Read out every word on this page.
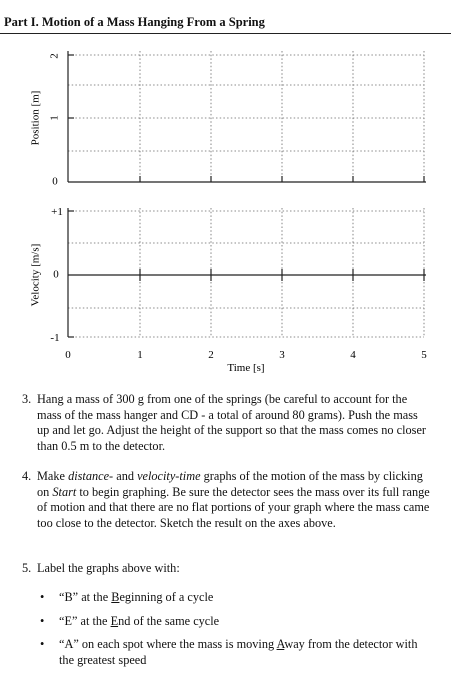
Part I. Motion of a Mass Hanging From a Spring
2
1
0
Position [m]
+1
0
-1
Velocity [m/s]
0	1	2	3	4	5
Time [s]
3. Hang a mass of 300 g from one of the springs (be careful to account for the mass of the mass hanger and CD - a total of around 80 grams). Push the mass up and let go. Adjust the height of the support so that the mass comes no closer than 0.5 m to the detector.
4. Make distance- and velocity-time graphs of the motion of the mass by clicking on Start to begin graphing. Be sure the detector sees the mass over its full range of motion and that there are no flat portions of your graph where the mass came too close to the detector. Sketch the result on the axes above.
5. Label the graphs above with:
• “B” at the Beginning of a cycle
• “E” at the End of the same cycle
• “A” on each spot where the mass is moving Away from the detector with the greatest speed
